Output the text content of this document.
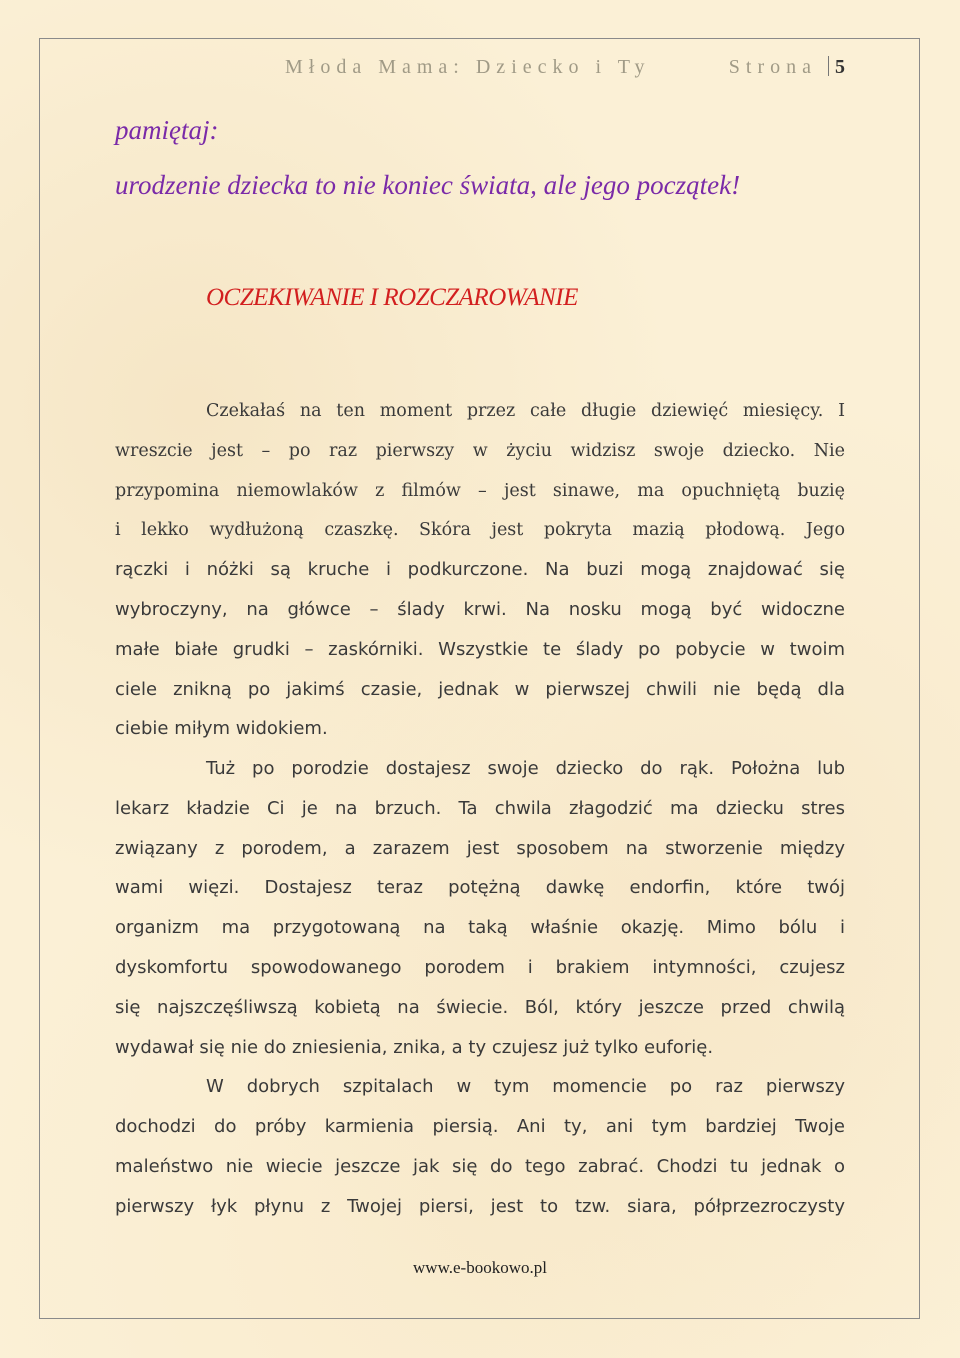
Młoda Mama: Dziecko i Ty	Strona 5
pamiętaj:
urodzenie dziecka to nie koniec świata, ale jego początek!
OCZEKIWANIE I ROZCZAROWANIE
Czekałaś na ten moment przez całe długie dziewięć miesięcy. I
wreszcie jest – po raz pierwszy w życiu widzisz swoje dziecko. Nie
przypomina niemowlaków z filmów – jest sinawe, ma opuchniętą buzię
i lekko wydłużoną czaszkę. Skóra jest pokryta mazią płodową. Jego
rączki i nóżki są kruche i podkurczone. Na buzi mogą znajdować się
wybroczyny, na główce – ślady krwi. Na nosku mogą być widoczne
małe białe grudki – zaskórniki. Wszystkie te ślady po pobycie w twoim
ciele znikną po jakimś czasie, jednak w pierwszej chwili nie będą dla
ciebie miłym widokiem.
Tuż po porodzie dostajesz swoje dziecko do rąk. Położna lub
lekarz kładzie Ci je na brzuch. Ta chwila złagodzić ma dziecku stres
związany z porodem, a zarazem jest sposobem na stworzenie między
wami więzi. Dostajesz teraz potężną dawkę endorfin, które twój
organizm ma przygotowaną na taką właśnie okazję. Mimo bólu i
dyskomfortu spowodowanego porodem i brakiem intymności, czujesz
się najszczęśliwszą kobietą na świecie. Ból, który jeszcze przed chwilą
wydawał się nie do zniesienia, znika, a ty czujesz już tylko euforię.
W dobrych szpitalach w tym momencie po raz pierwszy
dochodzi do próby karmienia piersią. Ani ty, ani tym bardziej Twoje
maleństwo nie wiecie jeszcze jak się do tego zabrać. Chodzi tu jednak o
pierwszy łyk płynu z Twojej piersi, jest to tzw. siara, półprzezroczysty
www.e-bookowo.pl
